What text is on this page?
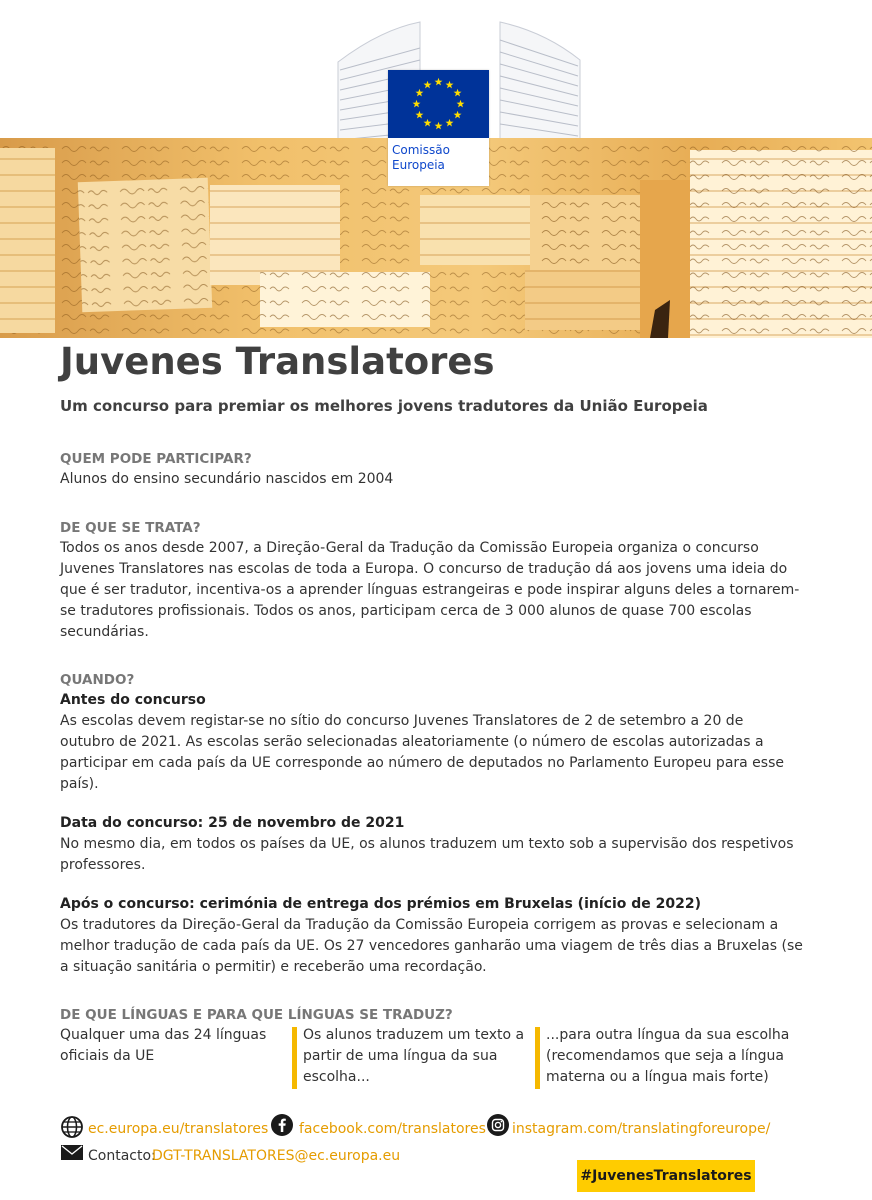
Comissão
Europeia
Juvenes Translatores

Um concurso para premiar os melhores jovens tradutores da União Europeia

QUEM PODE PARTICIPAR?

Alunos do ensino secundário nascidos em 2004

DE QUE SE TRATA?

Todos os anos desde 2007, a Direção-Geral da Tradução da Comissão Europeia organiza o concurso

Juvenes Translatores nas escolas de toda a Europa. O concurso de tradução dá aos jovens uma ideia do

que é ser tradutor, incentiva-os a aprender línguas estrangeiras e pode inspirar alguns deles a tornarem-

se tradutores profissionais. Todos os anos, participam cerca de 3 000 alunos de quase 700 escolas

secundárias.

QUANDO?

Antes do concurso

As escolas devem registar-se no sítio do concurso Juvenes Translatores de 2 de setembro a 20 de

outubro de 2021. As escolas serão selecionadas aleatoriamente (o número de escolas autorizadas a

participar em cada país da UE corresponde ao número de deputados no Parlamento Europeu para esse

país).

Data do concurso: 25 de novembro de 2021

No mesmo dia, em todos os países da UE, os alunos traduzem um texto sob a supervisão dos respetivos

professores.

Após o concurso: cerimónia de entrega dos prémios em Bruxelas (início de 2022)

Os tradutores da Direção-Geral da Tradução da Comissão Europeia corrigem as provas e selecionam a

melhor tradução de cada país da UE. Os 27 vencedores ganharão uma viagem de três dias a Bruxelas (se

a situação sanitária o permitir) e receberão uma recordação.

DE QUE LÍNGUAS E PARA QUE LÍNGUAS SE TRADUZ?

Qualquer uma das 24 línguas
oficiais da UE
Os alunos traduzem um texto a
partir de uma língua da sua
escolha...
...para outra língua da sua escolha
(recomendamos que seja a língua
materna ou a língua mais forte)
ec.europa.eu/translatores facebook.com/translatores instagram.com/translatingforeurope/
Contacto:
DGT-TRANSLATORES@ec.europa.eu
#JuvenesTranslatores
